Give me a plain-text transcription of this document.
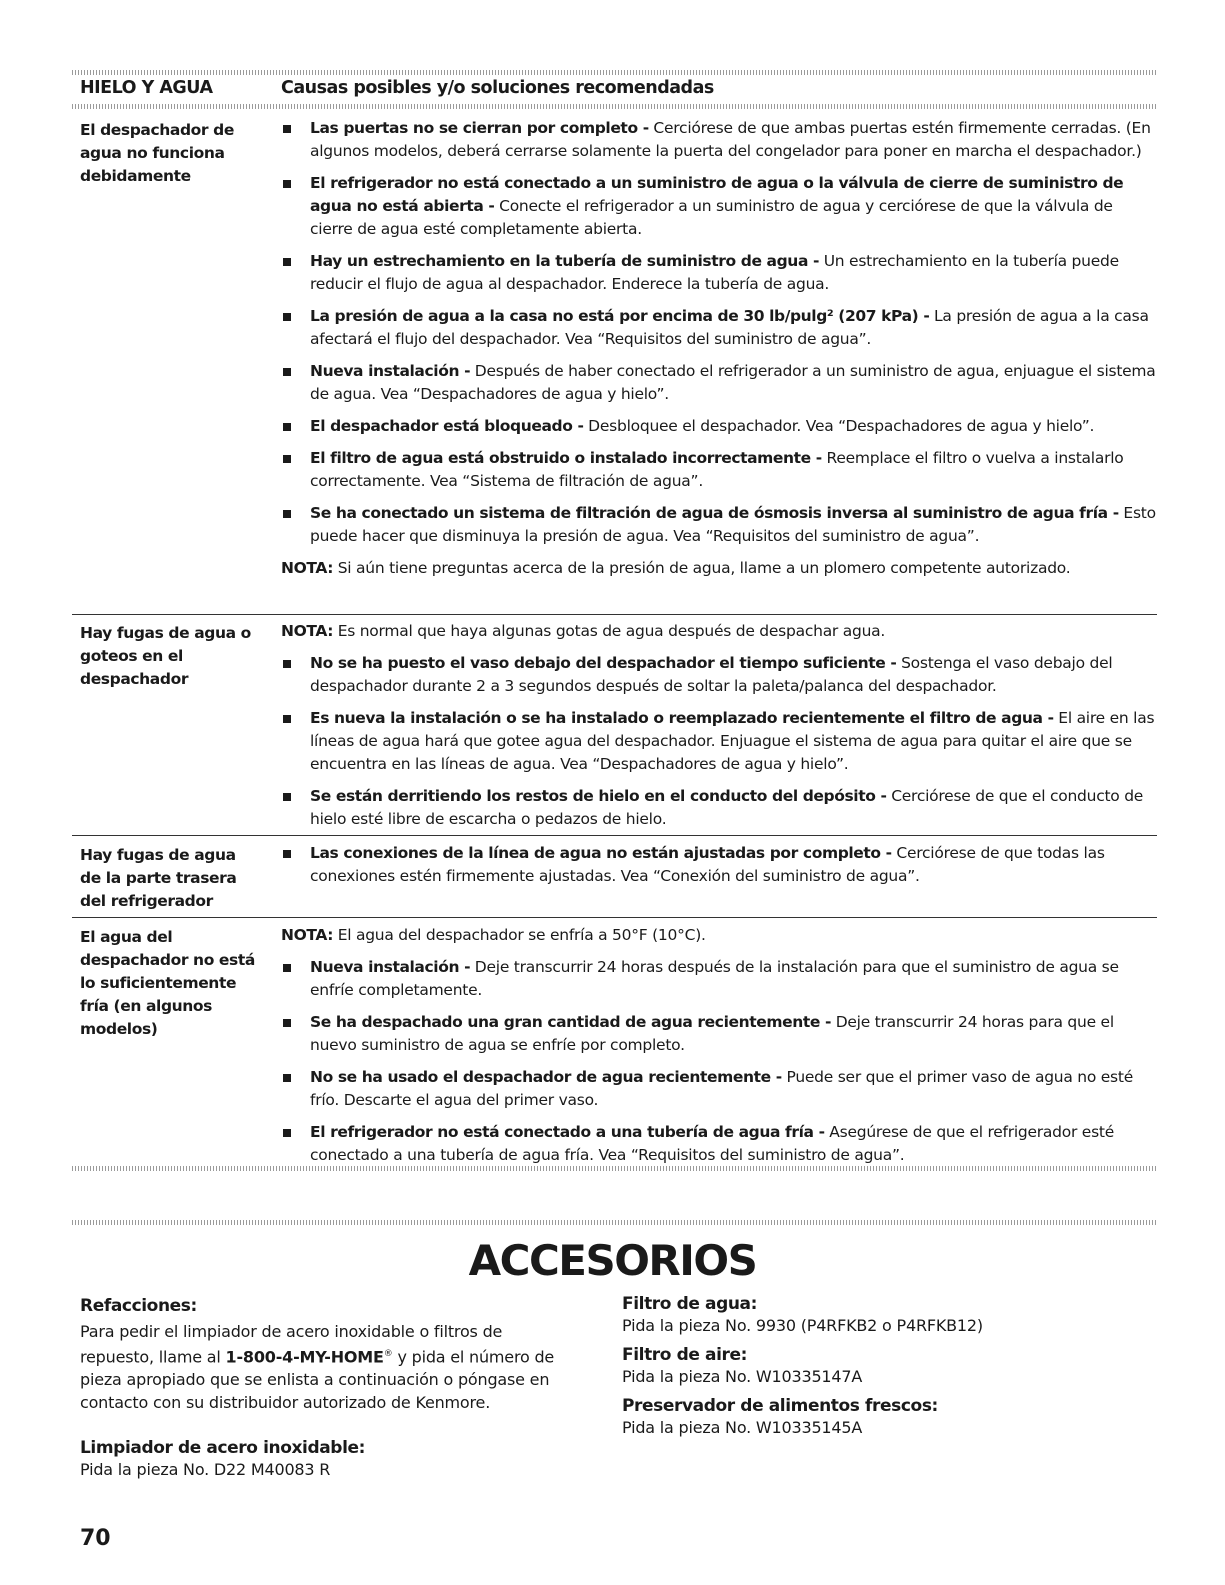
HIELO Y AGUA	Causas posibles y/o soluciones recomendadas
El despachador de agua no funciona debidamente
Las puertas no se cierran por completo - Cerciórese de que ambas puertas estén firmemente cerradas. (En algunos modelos, deberá cerrarse solamente la puerta del congelador para poner en marcha el despachador.)
El refrigerador no está conectado a un suministro de agua o la válvula de cierre de suministro de agua no está abierta - Conecte el refrigerador a un suministro de agua y cerciórese de que la válvula de cierre de agua esté completamente abierta.
Hay un estrechamiento en la tubería de suministro de agua - Un estrechamiento en la tubería puede reducir el flujo de agua al despachador. Enderece la tubería de agua.
La presión de agua a la casa no está por encima de 30 lb/pulg² (207 kPa) - La presión de agua a la casa afectará el flujo del despachador. Vea “Requisitos del suministro de agua”.
Nueva instalación - Después de haber conectado el refrigerador a un suministro de agua, enjuague el sistema de agua. Vea “Despachadores de agua y hielo”.
El despachador está bloqueado - Desbloquee el despachador. Vea “Despachadores de agua y hielo”.
El filtro de agua está obstruido o instalado incorrectamente - Reemplace el filtro o vuelva a instalarlo correctamente. Vea “Sistema de filtración de agua”.
Se ha conectado un sistema de filtración de agua de ósmosis inversa al suministro de agua fría - Esto puede hacer que disminuya la presión de agua. Vea “Requisitos del suministro de agua”.
NOTA: Si aún tiene preguntas acerca de la presión de agua, llame a un plomero competente autorizado.
Hay fugas de agua o goteos en el despachador
NOTA: Es normal que haya algunas gotas de agua después de despachar agua.
No se ha puesto el vaso debajo del despachador el tiempo suficiente - Sostenga el vaso debajo del despachador durante 2 a 3 segundos después de soltar la paleta/palanca del despachador.
Es nueva la instalación o se ha instalado o reemplazado recientemente el filtro de agua - El aire en las líneas de agua hará que gotee agua del despachador. Enjuague el sistema de agua para quitar el aire que se encuentra en las líneas de agua. Vea “Despachadores de agua y hielo”.
Se están derritiendo los restos de hielo en el conducto del depósito - Cerciórese de que el conducto de hielo esté libre de escarcha o pedazos de hielo.
Hay fugas de agua de la parte trasera del refrigerador
Las conexiones de la línea de agua no están ajustadas por completo - Cerciórese de que todas las conexiones estén firmemente ajustadas. Vea “Conexión del suministro de agua”.
El agua del despachador no está lo suficientemente fría (en algunos modelos)
NOTA: El agua del despachador se enfría a 50°F (10°C).
Nueva instalación - Deje transcurrir 24 horas después de la instalación para que el suministro de agua se enfríe completamente.
Se ha despachado una gran cantidad de agua recientemente - Deje transcurrir 24 horas para que el nuevo suministro de agua se enfríe por completo.
No se ha usado el despachador de agua recientemente - Puede ser que el primer vaso de agua no esté frío. Descarte el agua del primer vaso.
El refrigerador no está conectado a una tubería de agua fría - Asegúrese de que el refrigerador esté conectado a una tubería de agua fría. Vea “Requisitos del suministro de agua”.
ACCESORIOS

Refacciones:

Para pedir el limpiador de acero inoxidable o filtros de repuesto, llame al 1-800-4-MY-HOME® y pida el número de pieza apropiado que se enlista a continuación o póngase en contacto con su distribuidor autorizado de Kenmore.

Limpiador de acero inoxidable:

Pida la pieza No. D22 M40083 R

Filtro de agua:

Pida la pieza No. 9930 (P4RFKB2 o P4RFKB12)

Filtro de aire:

Pida la pieza No. W10335147A

Preservador de alimentos frescos:

Pida la pieza No. W10335145A

70
